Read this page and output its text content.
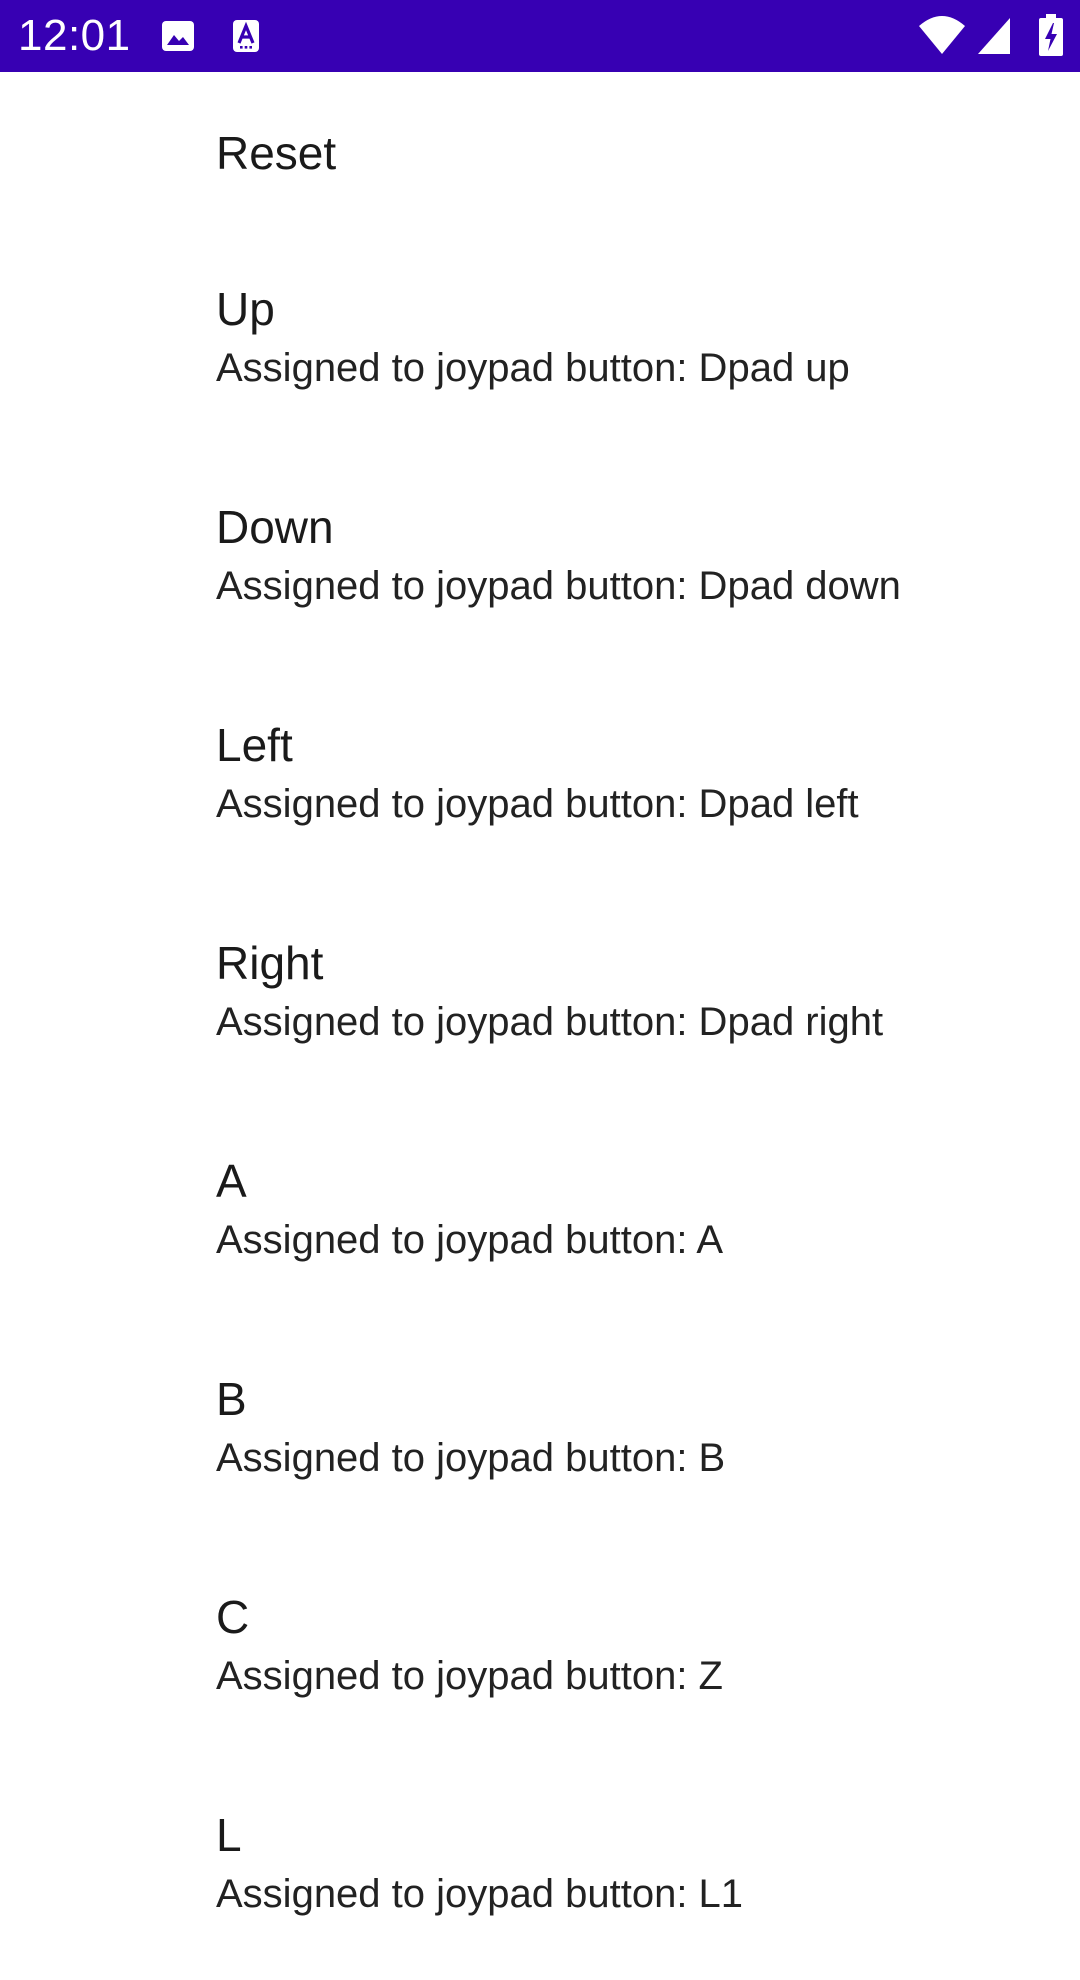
12:01
Reset
Up
Assigned to joypad button: Dpad up
Down
Assigned to joypad button: Dpad down
Left
Assigned to joypad button: Dpad left
Right
Assigned to joypad button: Dpad right
A
Assigned to joypad button: A
B
Assigned to joypad button: B
C
Assigned to joypad button: Z
L
Assigned to joypad button: L1
